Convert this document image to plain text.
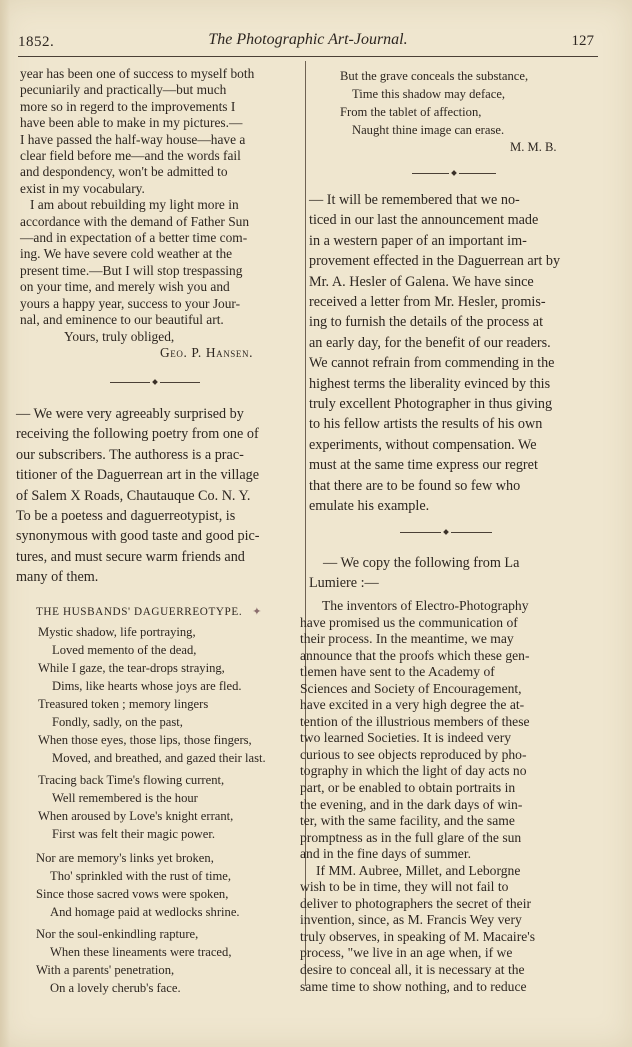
1852.	The Photographic Art-Journal.	127
year has been one of success to myself both
pecuniarily and practically—but much
more so in regerd to the improvements I
have been able to make in my pictures.—
I have passed the half-way house—have a
clear field before me—and the words fail
and despondency, won't be admitted to
exist in my vocabulary.
I am about rebuilding my light more in
accordance with the demand of Father Sun
—and in expectation of a better time com-
ing. We have severe cold weather at the
present time.—But I will stop trespassing
on your time, and merely wish you and
yours a happy year, success to your Jour-
nal, and eminence to our beautiful art.
Yours, truly obliged,
Geo. P. Hansen.
— We were very agreeably surprised by
receiving the following poetry from one of
our subscribers. The authoress is a prac-
titioner of the Daguerrean art in the village
of Salem X Roads, Chautauque Co. N. Y.
To be a poetess and daguerreotypist, is
synonymous with good taste and good pic-
tures, and must secure warm friends and
many of them.
THE HUSBANDS' DAGUERREOTYPE. ✦
Mystic shadow, life portraying,
Loved memento of the dead,
While I gaze, the tear-drops straying,
Dims, like hearts whose joys are fled.
Treasured token ; memory lingers
Fondly, sadly, on the past,
When those eyes, those lips, those fingers,
Moved, and breathed, and gazed their last.
Tracing back Time's flowing current,
Well remembered is the hour
When aroused by Love's knight errant,
First was felt their magic power.
Nor are memory's links yet broken,
Tho' sprinkled with the rust of time,
Since those sacred vows were spoken,
And homage paid at wedlocks shrine.
Nor the soul-enkindling rapture,
When these lineaments were traced,
With a parents' penetration,
On a lovely cherub's face.
But the grave conceals the substance,
Time this shadow may deface,
From the tablet of affection,
Naught thine image can erase.
M. M. B.
— It will be remembered that we no-
ticed in our last the announcement made
in a western paper of an important im-
provement effected in the Daguerrean art by
Mr. A. Hesler of Galena. We have since
received a letter from Mr. Hesler, promis-
ing to furnish the details of the process at
an early day, for the benefit of our readers.
We cannot refrain from commending in the
highest terms the liberality evinced by this
truly excellent Photographer in thus giving
to his fellow artists the results of his own
experiments, without compensation. We
must at the same time express our regret
that there are to be found so few who
emulate his example.
— We copy the following from La
Lumiere :—
The inventors of Electro-Photography
have promised us the communication of
their process. In the meantime, we may
announce that the proofs which these gen-
tlemen have sent to the Academy of
Sciences and Society of Encouragement,
have excited in a very high degree the at-
tention of the illustrious members of these
two learned Societies. It is indeed very
curious to see objects reproduced by pho-
tography in which the light of day acts no
part, or be enabled to obtain portraits in
the evening, and in the dark days of win-
ter, with the same facility, and the same
promptness as in the full glare of the sun
and in the fine days of summer.
If MM. Aubree, Millet, and Leborgne
wish to be in time, they will not fail to
deliver to photographers the secret of their
invention, since, as M. Francis Wey very
truly observes, in speaking of M. Macaire's
process, "we live in an age when, if we
desire to conceal all, it is necessary at the
same time to show nothing, and to reduce
